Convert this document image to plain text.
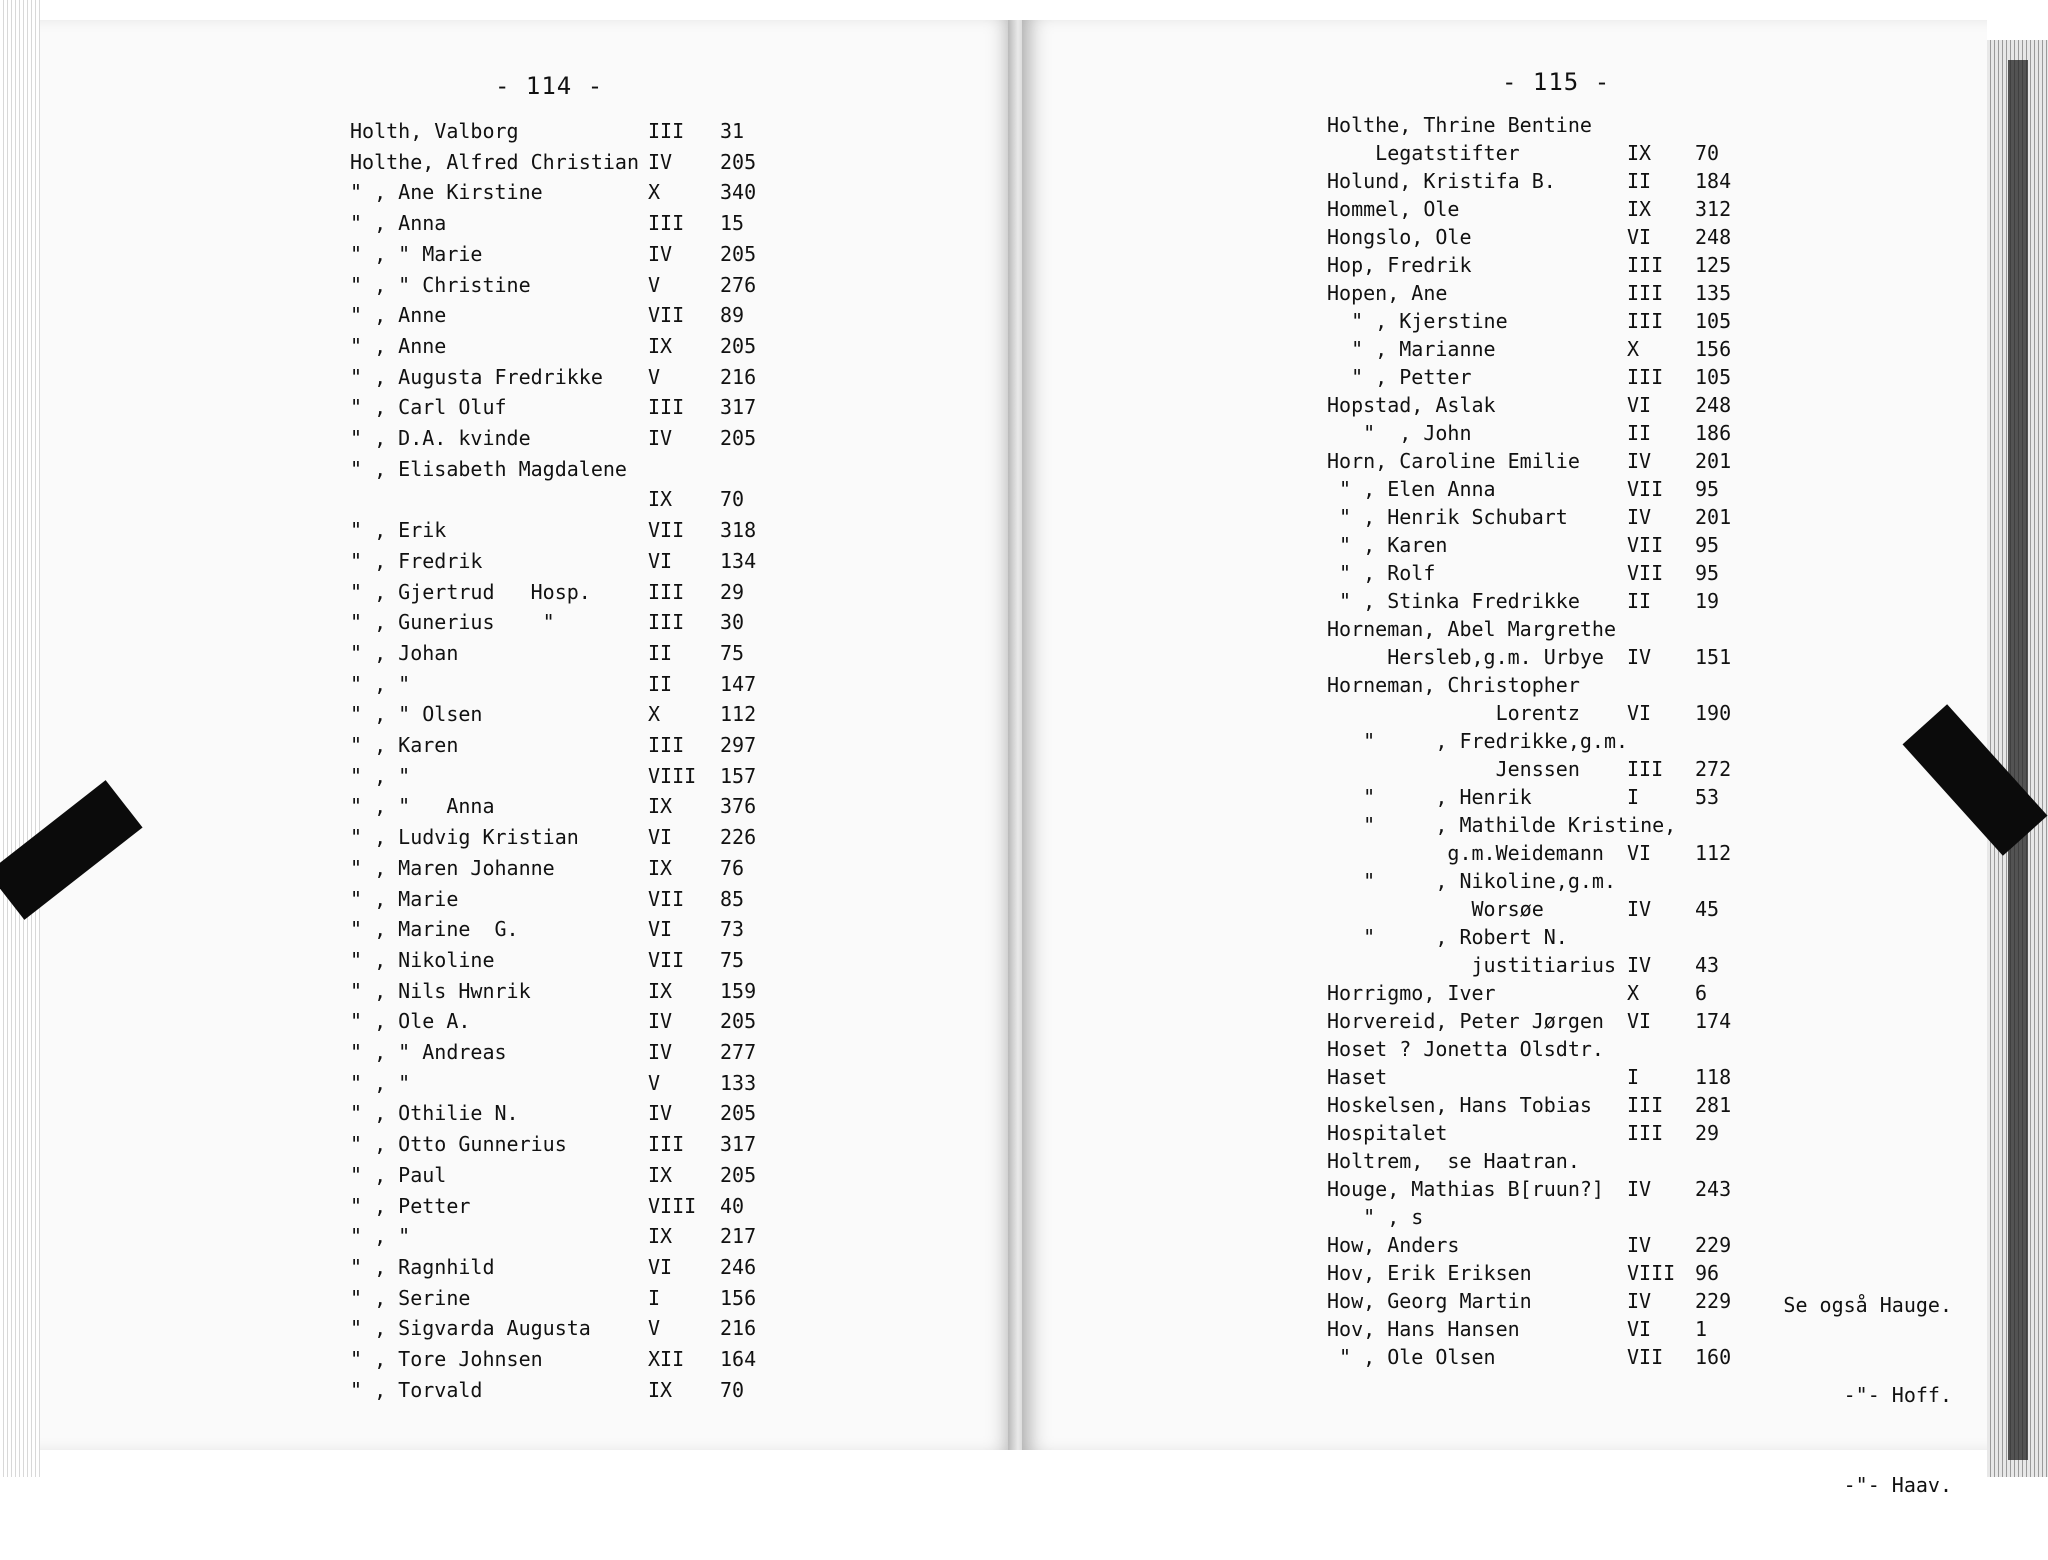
- 114 -
Holth, Valborg	III 31
Holthe, Alfred Christian IV 205
" , Ane Kirstine	X	340
" , Anna	III 15
" , " Marie	IV 205
" , " Christine	V	276
" , Anne	VII 89
" , Anne	IX 205
" , Augusta Fredrikke V	216
" , Carl Oluf	III 317
" , D.A. kvinde	IV 205
" , Elisabeth Magdalene
IX 70
" , Erik	VII 318
" , Fredrik	VI 134
" , Gjertrud   Hosp.	III 29
" , Gunerius    "	III 30
" , Johan	II 75
" , "	II 147
" , " Olsen	X	112
" , Karen	III 297
" , "	VIII 157
" , "   Anna	IX 376
" , Ludvig Kristian	VI 226
" , Maren Johanne	IX 76
" , Marie	VII 85
" , Marine  G.	VI 73
" , Nikoline	VII 75
" , Nils Hwnrik	IX 159
" , Ole A.	IV 205
" , " Andreas	IV 277
" , "	V	133
" , Othilie N.	IV 205
" , Otto Gunnerius	III 317
" , Paul	IX 205
" , Petter	VIII 40
" , "	IX 217
" , Ragnhild	VI 246
" , Serine	I	156
" , Sigvarda Augusta	V	216
" , Tore Johnsen	XII 164
" , Torvald	IX 70
- 115 -
Holthe, Thrine Bentine
Legatstifter	IX 70
Holund, Kristifa B.	II 184
Hommel, Ole	IX 312
Hongslo, Ole	VI 248
Hop, Fredrik	III 125
Hopen, Ane	III 135
" , Kjerstine	III 105
" , Marianne	X	156
" , Petter	III 105
Hopstad, Aslak	VI 248
"  , John	II 186
Horn, Caroline Emilie IV 201
" , Elen Anna	VII 95
" , Henrik Schubart	IV 201
" , Karen	VII 95
" , Rolf	VII 95
" , Stinka Fredrikke II 19
Horneman, Abel Margrethe
Hersleb,g.m. Urbye IV 151
Horneman, Christopher
Lorentz VI 190
"     , Fredrikke,g.m.
Jenssen III 272
"     , Henrik	I	53
"     , Mathilde Kristine,
g.m.Weidemann VI 112
"     , Nikoline,g.m.
Worsøe	IV 45
"     , Robert N.
justitiarius IV 43
Horrigmo, Iver	X	6
Horvereid, Peter Jørgen VI 174
Hoset ? Jonetta Olsdtr.
Haset	I	118
Hoskelsen, Hans Tobias III 281
Hospitalet	III 29
Holtrem,  se Haatran.
Houge, Mathias B[ruun?] IV 243
" , s
How, Anders	IV 229
Hov, Erik Eriksen	VIII 96
How, Georg Martin	IV 229
Hov, Hans Hansen	VI 1
" , Ole Olsen	VII 160

Se også Hauge.

-"- Hoff.

-"- Haav.
